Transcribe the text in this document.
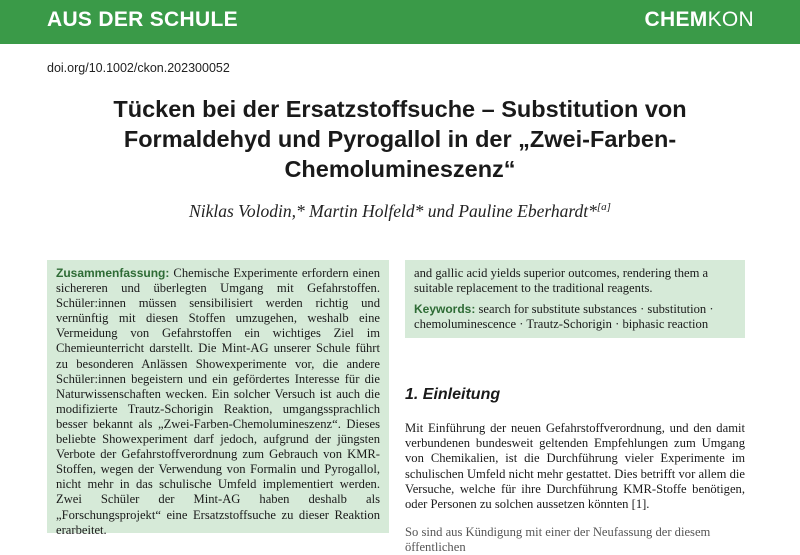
AUS DER SCHULE	CHEMKON
doi.org/10.1002/ckon.202300052
Tücken bei der Ersatzstoffsuche – Substitution von Formaldehyd und Pyrogallol in der „Zwei-Farben-Chemolumineszenz“
Niklas Volodin,* Martin Holfeld* und Pauline Eberhardt*[a]
Zusammenfassung: Chemische Experimente erfordern einen sichereren und überlegten Umgang mit Gefahrstoffen. Schüler:innen müssen sensibilisiert werden richtig und vernünftig mit diesen Stoffen umzugehen, weshalb eine Vermeidung von Gefahrstoffen ein wichtiges Ziel im Chemieunterricht darstellt. Die Mint-AG unserer Schule führt zu besonderen Anlässen Showexperimente vor, die andere Schüler:innen begeistern und ein gefördertes Interesse für die Naturwissenschaften wecken. Ein solcher Versuch ist auch die modifizierte Trautz-Schorigin Reaktion, umgangssprachlich besser bekannt als „Zwei-Farben-Chemolumineszenz“. Dieses beliebte Showexperiment darf jedoch, aufgrund der jüngsten Verbote der Gefahrstoffverordnung zum Gebrauch von KMR-Stoffen, wegen der Verwendung von Formalin und Pyrogallol, nicht mehr in das schulische Umfeld implementiert werden. Zwei Schüler der Mint-AG haben deshalb als „Forschungsprojekt“ eine Ersatzstoffsuche zu dieser Reaktion erarbeitet.
and gallic acid yields superior outcomes, rendering them a suitable replacement to the traditional reagents.
Keywords: search for substitute substances · substitution · chemoluminescence · Trautz-Schorigin · biphasic reaction
1. Einleitung
Mit Einführung der neuen Gefahrstoffverordnung, und den damit verbundenen bundesweit geltenden Empfehlungen zum Umgang von Chemikalien, ist die Durchführung vieler Experimente im schulischen Umfeld nicht mehr gestattet. Dies betrifft vor allem die Versuche, welche für ihre Durchführung KMR-Stoffe benötigen, oder Personen zu solchen aussetzen könnten [1].
So sind aus Kündigung mit einer der Neufassung der diesem öffentlichen
